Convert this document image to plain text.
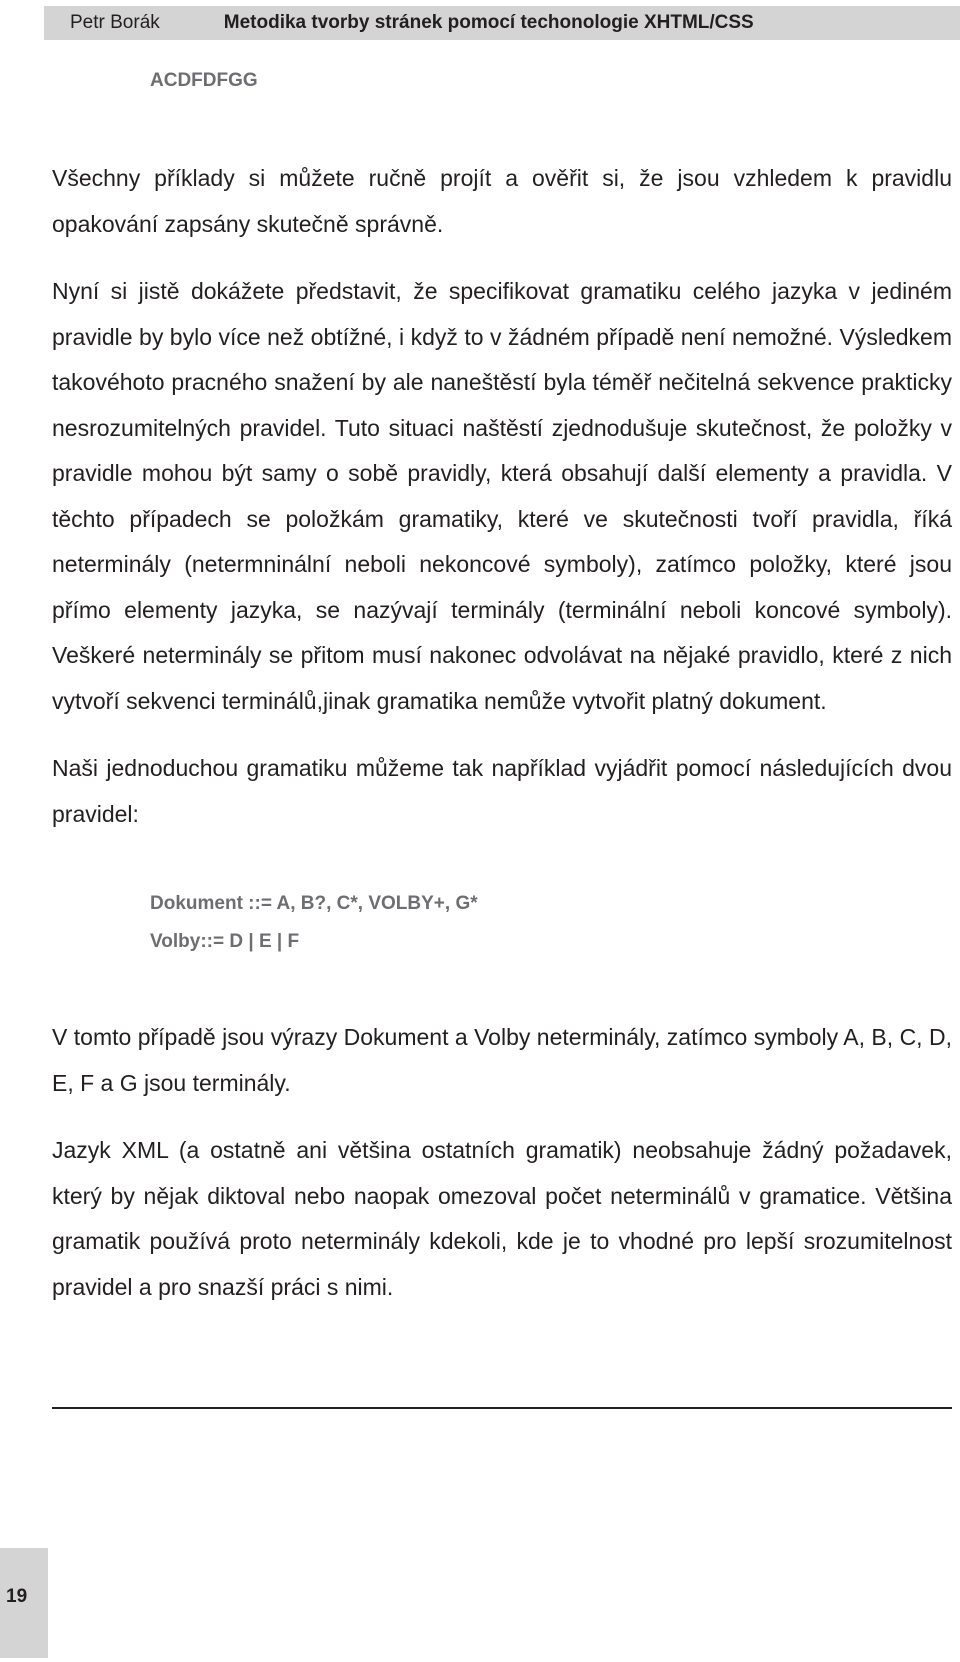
Petr Borák	Metodika tvorby stránek pomocí techonologie XHTML/CSS
ACDFDFGG

Všechny příklady si můžete ručně projít a ověřit si, že jsou vzhledem k pravidlu opakování zapsány skutečně správně.

Nyní si jistě dokážete představit, že specifikovat gramatiku celého jazyka v jediném pravidle by bylo více než obtížné, i když to v žádném případě není nemožné. Výsledkem takovéhoto pracného snažení by ale naneštěstí byla téměř nečitelná sekvence prakticky nesrozumitelných pravidel. Tuto situaci naštěstí zjednodušuje skutečnost, že položky v pravidle mohou být samy o sobě pravidly, která obsahují další elementy a pravidla. V těchto případech se položkám gramatiky, které ve skutečnosti tvoří pravidla, říká neterminály (netermninální neboli nekoncové symboly), zatímco položky, které jsou přímo elementy jazyka, se nazývají terminály (terminální neboli koncové symboly). Veškeré neterminály se přitom musí nakonec odvolávat na nějaké pravidlo, které z nich vytvoří sekvenci terminálů,jinak gramatika nemůže vytvořit platný dokument.

Naši jednoduchou gramatiku můžeme tak například vyjádřit pomocí následujících dvou pravidel:

Dokument ::= A, B?, C*, VOLBY+, G*
Volby::= D | E | F

V tomto případě jsou výrazy Dokument a Volby neterminály, zatímco symboly A, B, C, D, E, F a G jsou terminály.

Jazyk XML (a ostatně ani většina ostatních gramatik) neobsahuje žádný požadavek, který by nějak diktoval nebo naopak omezoval počet neterminálů v gramatice. Většina gramatik používá proto neterminály kdekoli, kde je to vhodné pro lepší srozumitelnost pravidel a pro snazší práci s nimi.

19
